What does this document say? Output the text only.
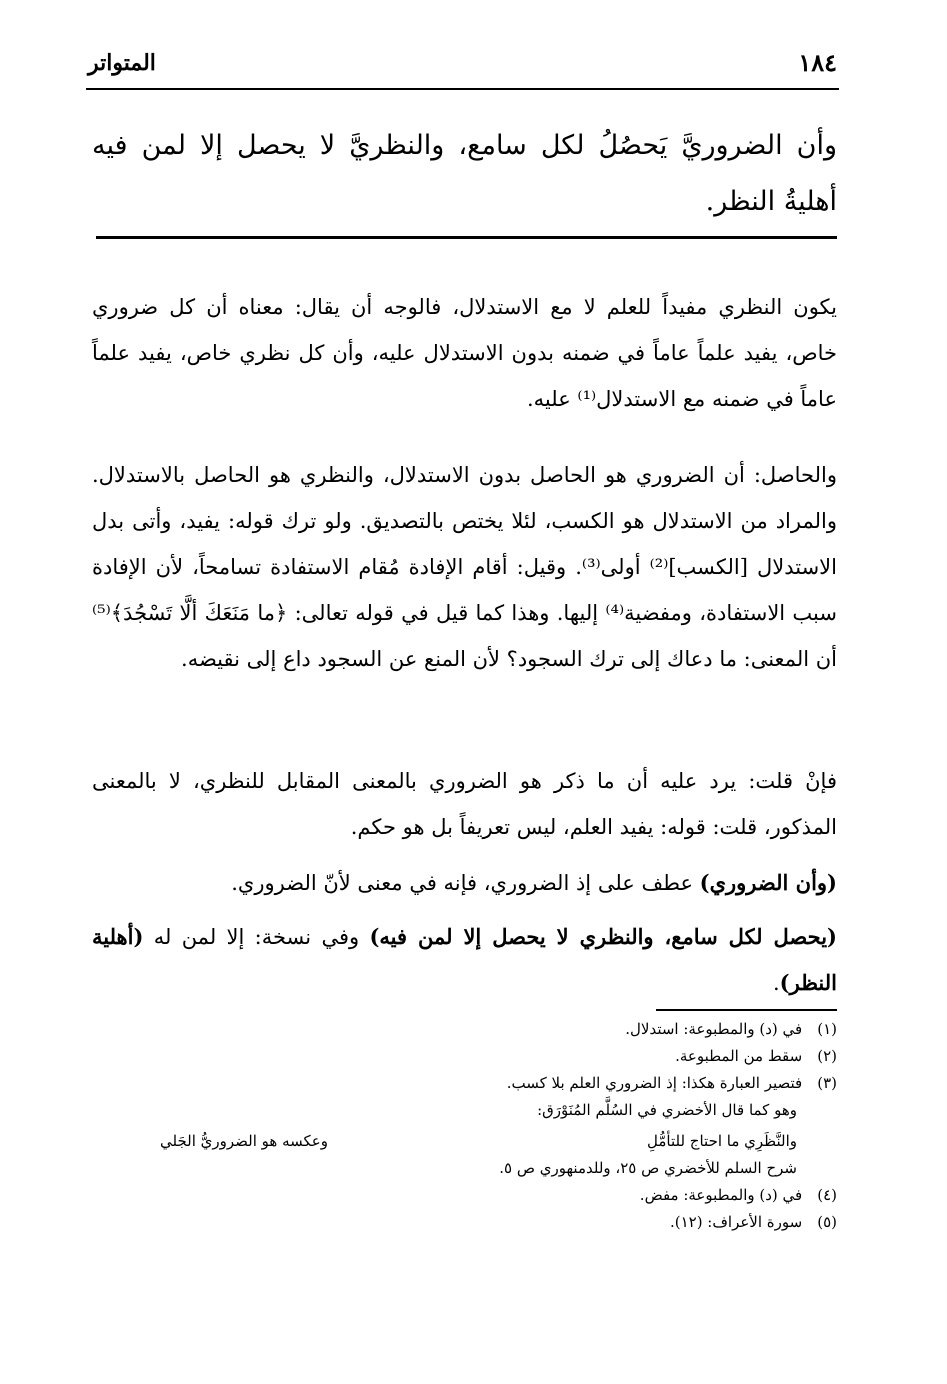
المتواتر	١٨٤

وأن الضروريَّ يَحصُلُ لكل سامع، والنظريَّ لا يحصل إلا لمن فيه أهليةُ النظر.

يكون النظري مفيداً للعلم لا مع الاستدلال، فالوجه أن يقال: معناه أن كل ضروري خاص، يفيد علماً عاماً في ضمنه بدون الاستدلال عليه، وأن كل نظري خاص، يفيد علماً عاماً في ضمنه مع الاستدلال⁽¹⁾ عليه.

والحاصل: أن الضروري هو الحاصل بدون الاستدلال، والنظري هو الحاصل بالاستدلال. والمراد من الاستدلال هو الكسب، لئلا يختص بالتصديق. ولو ترك قوله: يفيد، وأتى بدل الاستدلال [الكسب]⁽²⁾ أولى⁽³⁾. وقيل: أقام الإفادة مُقام الاستفادة تسامحاً، لأن الإفادة سبب الاستفادة، ومفضية⁽⁴⁾ إليها. وهذا كما قيل في قوله تعالى: ﴿ما مَنَعَكَ ألَّا تَسْجُدَ﴾⁽⁵⁾ أن المعنى: ما دعاك إلى ترك السجود؟ لأن المنع عن السجود داع إلى نقيضه.

فإنْ قلت: يرد عليه أن ما ذكر هو الضروري بالمعنى المقابل للنظري، لا بالمعنى المذكور، قلت: قوله: يفيد العلم، ليس تعريفاً بل هو حكم.

(وأن الضروري) عطف على إذ الضروري، فإنه في معنى لأنّ الضروري.

(يحصل لكل سامع، والنظري لا يحصل إلا لمن فيه) وفي نسخة: إلا لمن له (أهلية النظر).

(١) في (د) والمطبوعة: استدلال.

(٢) سقط من المطبوعة.

(٣) فتصير العبارة هكذا: إذ الضروري العلم بلا كسب.

وهو كما قال الأخضري في السُلَّم المُنَوْرَق:

والنَّظَرِي ما احتاج للتأمُّلِ
وعكسه هو الضروريُّ الجَلي

شرح السلم للأخضري ص ٢٥، وللدمنهوري ص ٥.

(٤) في (د) والمطبوعة: مفض.

(٥) سورة الأعراف: (١٢).
